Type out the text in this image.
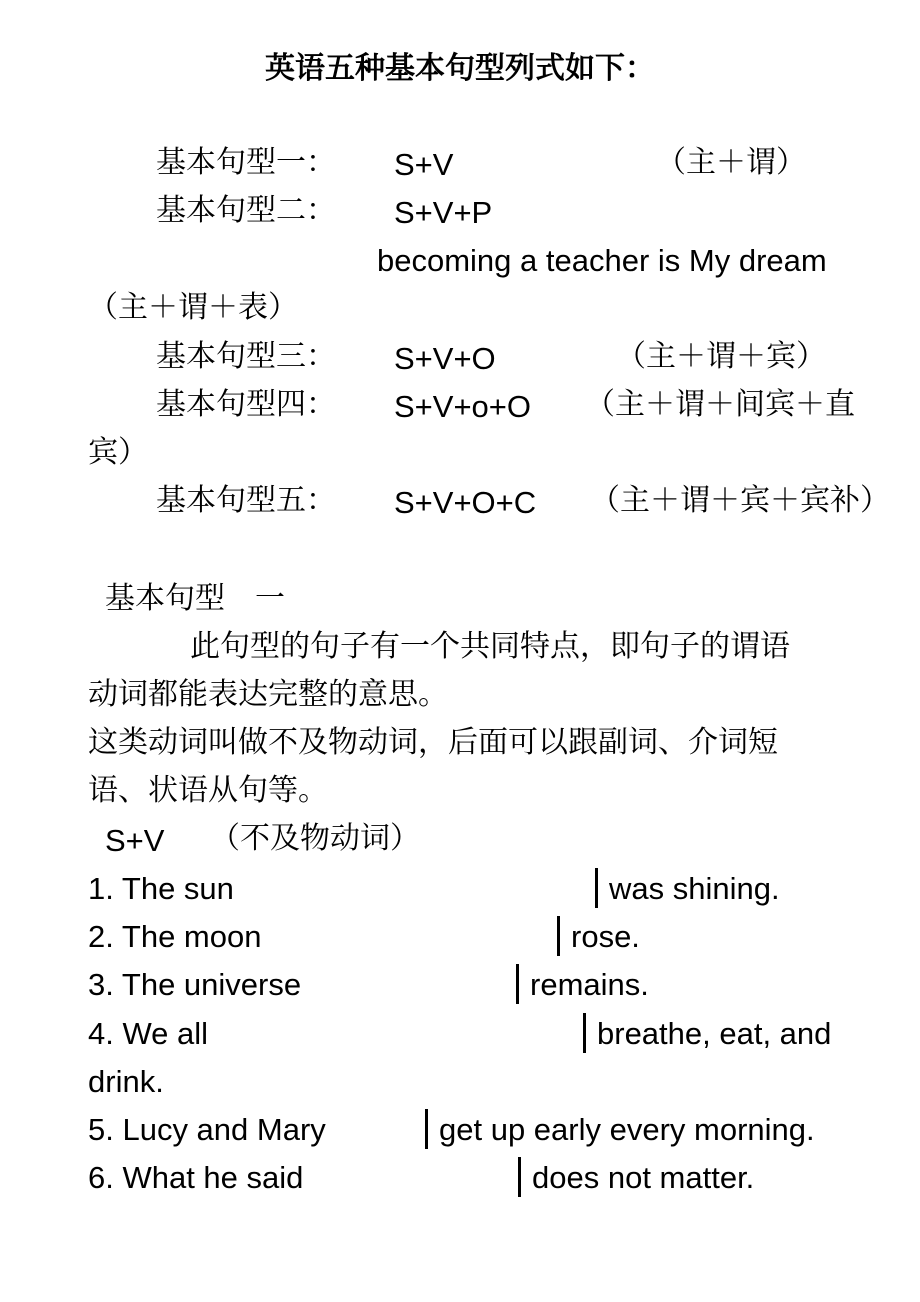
英语五种基本句型列式如下：
基本句型一： S+V	（主＋谓）
基本句型二： S+V+P
becoming a teacher is My dream
（主＋谓＋表）
基本句型三： S+V+O	（主＋谓＋宾）
基本句型四： S+V+o+O （主＋谓＋间宾＋直
宾）
基本句型五： S+V+O+C （主＋谓＋宾＋宾补）
基本句型　一
此句型的句子有一个共同特点，即句子的谓语
动词都能表达完整的意思。
这类动词叫做不及物动词，后面可以跟副词、介词短
语、状语从句等。
S+V （不及物动词）
1. The sun	was shining.
2. The moon	rose.
3. The universe	remains.
4. We all	breathe, eat, and
drink.
5. Lucy and Mary	get up early every morning.
6. What he said	does not matter.
